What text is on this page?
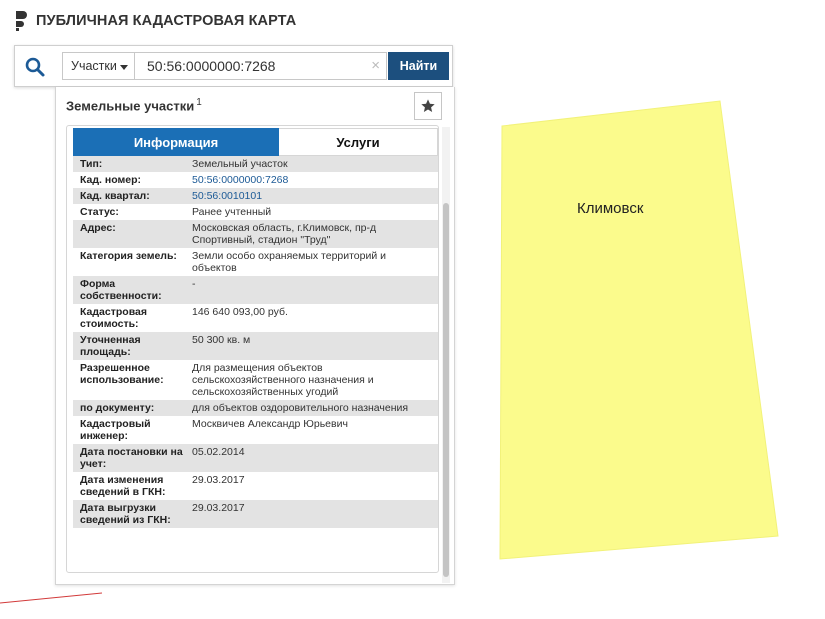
Климовск
ПУБЛИЧНАЯ КАДАСТРОВАЯ КАРТА
Участки 50:56:0000000:7268	×	Найти
Земельные участки $^1$
Информация	Услуги
Тип:	Земельный участок
Кад. номер:	50:56:0000000:7268
Кад. квартал:	50:56:0010101
Статус:	Ранее учтенный
Адрес:	Московская область, г.Климовск, пр-д Спортивный, стадион "Труд"
Категория земель:	Земли особо охраняемых территорий и объектов
Форма собственности:
-
Кадастровая стоимость:
146 640 093,00 руб.
Уточненная площадь:
50 300 кв. м
Разрешенное использование:
Для размещения объектов сельскохозяйственного назначения и сельскохозяйственных угодий
по документу:	для объектов оздоровительного назначения
Кадастровый инженер:
Москвичев Александр Юрьевич
Дата постановки на учет:
05.02.2014
Дата изменения сведений в ГКН:
29.03.2017
Дата выгрузки сведений из ГКН:
29.03.2017
